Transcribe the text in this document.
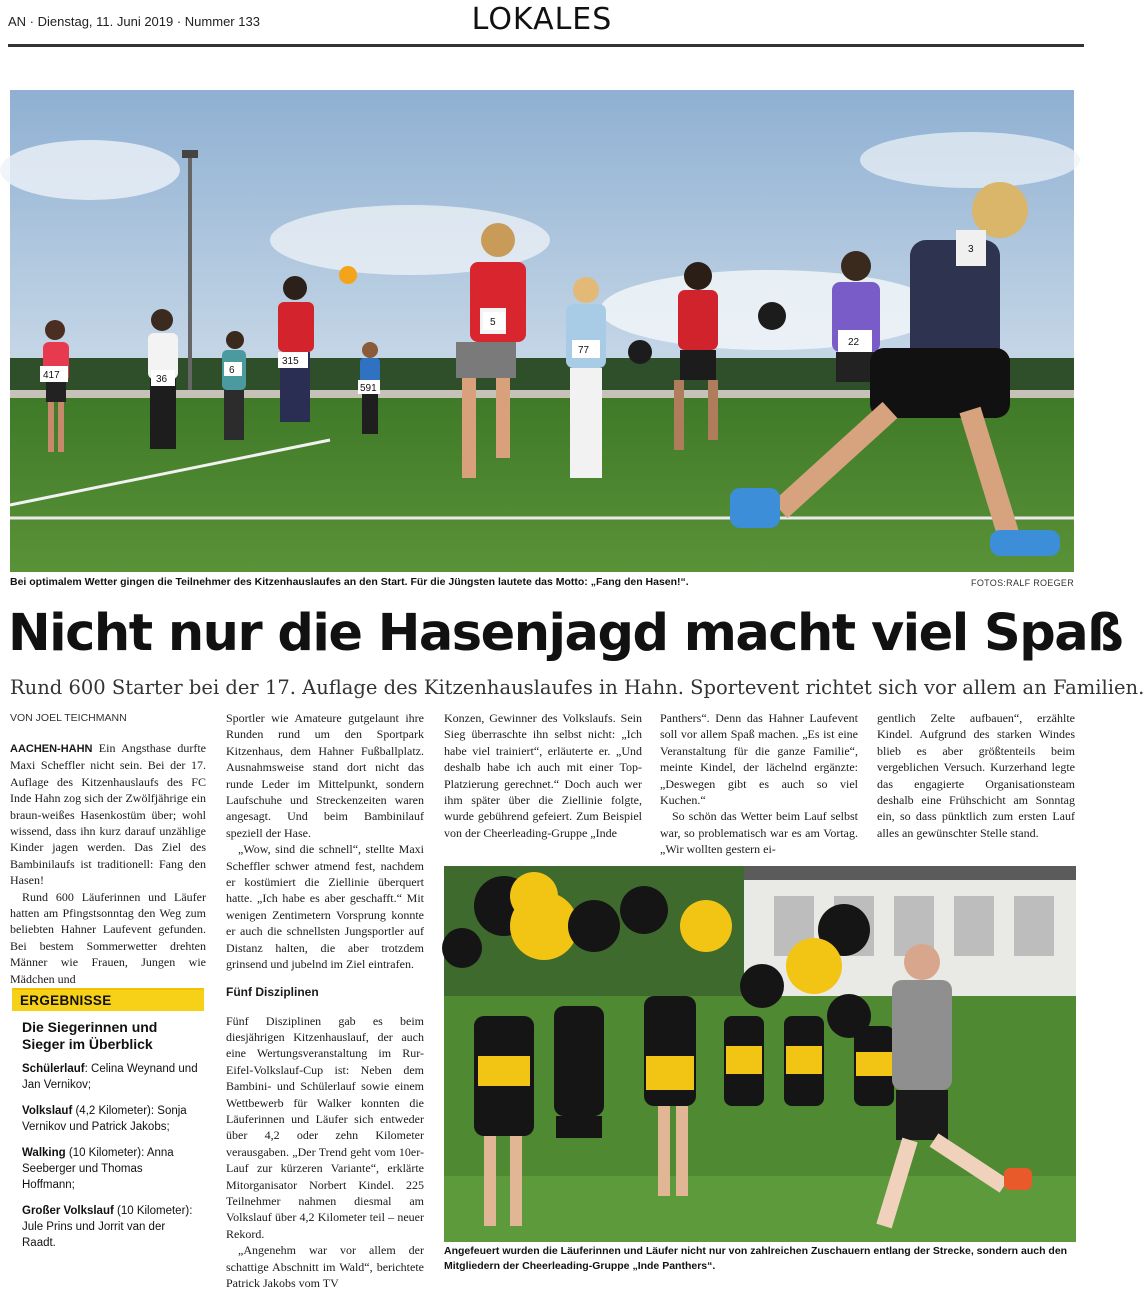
AN · Dienstag, 11. Juni 2019 · Nummer 133	LOKALES
417	36
5
315
591
6
77
22
3
Bei optimalem Wetter gingen die Teilnehmer des Kitzenhauslaufes an den Start. Für die Jüngsten lautete das Motto: „Fang den Hasen!“.	FOTOS:RALF ROEGER
Nicht nur die Hasenjagd macht viel Spaß
Rund 600 Starter bei der 17. Auflage des Kitzenhauslaufes in Hahn. Sportevent richtet sich vor allem an Familien.
VON JOEL TEICHMANN

AACHEN-HAHN Ein Angsthase durfte Maxi Scheffler nicht sein. Bei der 17. Auflage des Kitzenhauslaufs des FC Inde Hahn zog sich der Zwölfjährige ein braun-weißes Hasenkostüm über; wohl wissend, dass ihn kurz darauf unzählige Kinder jagen werden. Das Ziel des Bambinilaufs ist traditionell: Fang den Hasen!

Rund 600 Läuferinnen und Läufer hatten am Pfingstsonntag den Weg zum beliebten Hahner Laufevent gefunden. Bei bestem Sommerwetter drehten Männer wie Frauen, Jungen wie Mädchen und

ERGEBNISSE
Die Siegerinnen und Sieger im Überblick
Schülerlauf: Celina Weynand und Jan Vernikov;
Volkslauf (4,2 Kilometer): Sonja Vernikov und Patrick Jakobs;
Walking (10 Kilometer): Anna Seeberger und Thomas Hoffmann;
Großer Volkslauf (10 Kilometer): Jule Prins und Jorrit van der Raadt.

Sportler wie Amateure gutgelaunt ihre Runden rund um den Sportpark Kitzenhaus, dem Hahner Fußballplatz. Ausnahmsweise stand dort nicht das runde Leder im Mittelpunkt, sondern Laufschuhe und Streckenzeiten waren angesagt. Und beim Bambinilauf speziell der Hase.

„Wow, sind die schnell“, stellte Maxi Scheffler schwer atmend fest, nachdem er kostümiert die Ziellinie überquert hatte. „Ich habe es aber geschafft.“ Mit wenigen Zentimetern Vorsprung konnte er auch die schnellsten Jungsportler auf Distanz halten, die aber trotzdem grinsend und jubelnd im Ziel eintrafen.

Fünf Disziplinen

Fünf Disziplinen gab es beim diesjährigen Kitzenhauslauf, der auch eine Wertungsveranstaltung im Rur-Eifel-Volkslauf-Cup ist: Neben dem Bambini- und Schülerlauf sowie einem Wettbewerb für Walker konnten die Läuferinnen und Läufer sich entweder über 4,2 oder zehn Kilometer verausgaben. „Der Trend geht vom 10er-Lauf zur kürzeren Variante“, erklärte Mitorganisator Norbert Kindel. 225 Teilnehmer nahmen diesmal am Volkslauf über 4,2 Kilometer teil – neuer Rekord.

„Angenehm war vor allem der schattige Abschnitt im Wald“, berichtete Patrick Jakobs vom TV

Konzen, Gewinner des Volkslaufs. Sein Sieg überraschte ihn selbst nicht: „Ich habe viel trainiert“, erläuterte er. „Und deshalb habe ich auch mit einer Top-Platzierung gerechnet.“ Doch auch wer ihm später über die Ziellinie folgte, wurde gebührend gefeiert. Zum Beispiel von der Cheerleading-Gruppe „Inde

Panthers“. Denn das Hahner Laufevent soll vor allem Spaß machen. „Es ist eine Veranstaltung für die ganze Familie“, meinte Kindel, der lächelnd ergänzte: „Deswegen gibt es auch so viel Kuchen.“

So schön das Wetter beim Lauf selbst war, so problematisch war es am Vortag. „Wir wollten gestern ei-

gentlich Zelte aufbauen“, erzählte Kindel. Aufgrund des starken Windes blieb es aber größtenteils beim vergeblichen Versuch. Kurzerhand legte das engagierte Organisationsteam deshalb eine Frühschicht am Sonntag ein, so dass pünktlich zum ersten Lauf alles an gewünschter Stelle stand.

Angefeuert wurden die Läuferinnen und Läufer nicht nur von zahlreichen Zuschauern entlang der Strecke, sondern auch den Mitgliedern der Cheerleading-Gruppe „Inde Panthers“.
